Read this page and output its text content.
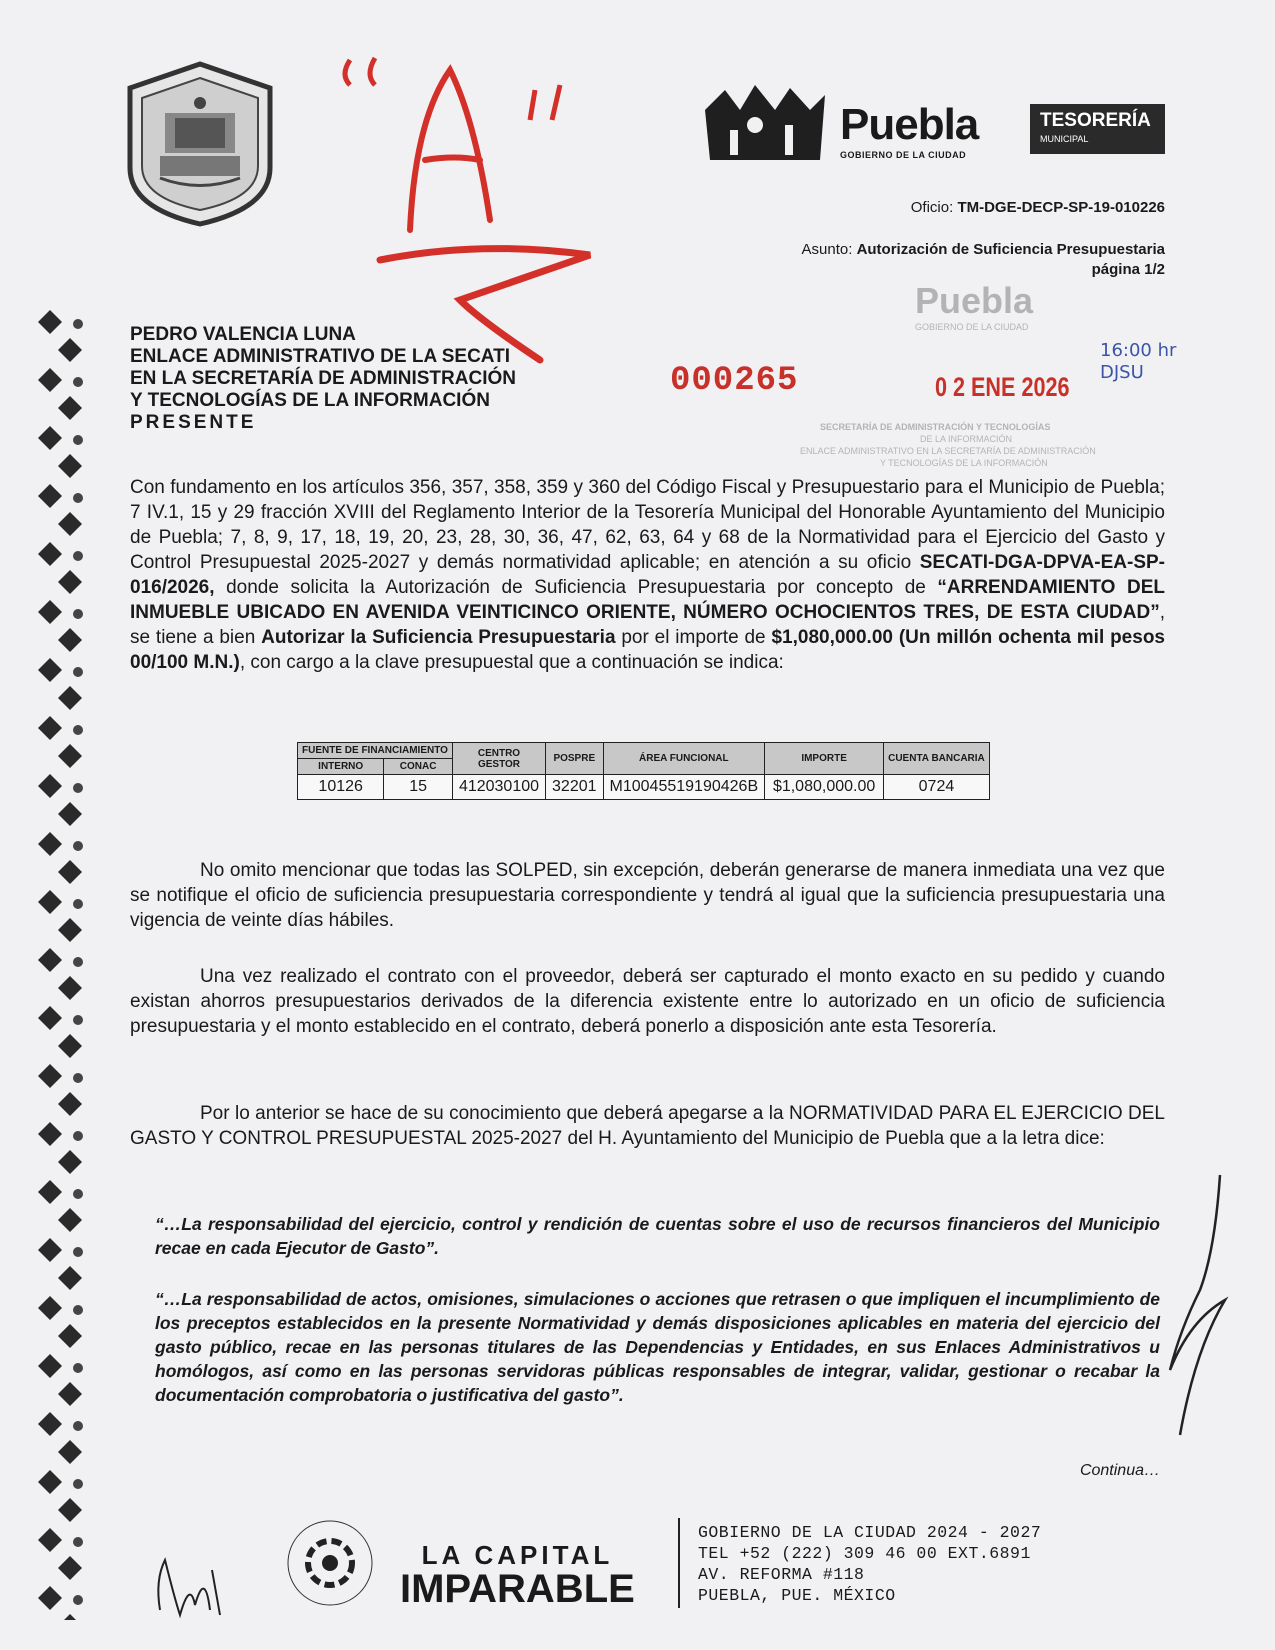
Puebla
GOBIERNO DE LA CIUDAD
TESORERÍA
MUNICIPAL
Oficio: TM-DGE-DECP-SP-19-010226
Asunto: Autorización de Suficiencia Presupuestaria
página 1/2
Puebla
GOBIERNO DE LA CIUDAD
SECRETARÍA DE ADMINISTRACIÓN Y TECNOLOGÍAS
DE LA INFORMACIÓN
ENLACE ADMINISTRATIVO EN LA SECRETARÍA DE ADMINISTRACIÓN
Y TECNOLOGÍAS DE LA INFORMACIÓN
000265	0 2 ENE 2026
16:00 hr
DJSU
PEDRO VALENCIA LUNA
ENLACE ADMINISTRATIVO DE LA SECATI
EN LA SECRETARÍA DE ADMINISTRACIÓN
Y TECNOLOGÍAS DE LA INFORMACIÓN
PRESENTE
Con fundamento en los artículos 356, 357, 358, 359 y 360 del Código Fiscal y Presupuestario para el Municipio de Puebla; 7 IV.1, 15 y 29 fracción XVIII del Reglamento Interior de la Tesorería Municipal del Honorable Ayuntamiento del Municipio de Puebla; 7, 8, 9, 17, 18, 19, 20, 23, 28, 30, 36, 47, 62, 63, 64 y 68 de la Normatividad para el Ejercicio del Gasto y Control Presupuestal 2025-2027 y demás normatividad aplicable; en atención a su oficio SECATI-DGA-DPVA-EA-SP-016/2026, donde solicita la Autorización de Suficiencia Presupuestaria por concepto de “ARRENDAMIENTO DEL INMUEBLE UBICADO EN AVENIDA VEINTICINCO ORIENTE, NÚMERO OCHOCIENTOS TRES, DE ESTA CIUDAD”, se tiene a bien Autorizar la Suficiencia Presupuestaria por el importe de $1,080,000.00 (Un millón ochenta mil pesos 00/100 M.N.), con cargo a la clave presupuestal que a continuación se indica:
FUENTE DE FINANCIAMIENTO		CENTRO GESTOR	POSPRE	ÁREA FUNCIONAL	IMPORTE	CUENTA BANCARIA
INTERNO	CONAC					
10126	15	412030100	32201	M10045519190426B	$1,080,000.00	0724
No omito mencionar que todas las SOLPED, sin excepción, deberán generarse de manera inmediata una vez que se notifique el oficio de suficiencia presupuestaria correspondiente y tendrá al igual que la suficiencia presupuestaria una vigencia de veinte días hábiles.
Una vez realizado el contrato con el proveedor, deberá ser capturado el monto exacto en su pedido y cuando existan ahorros presupuestarios derivados de la diferencia existente entre lo autorizado en un oficio de suficiencia presupuestaria y el monto establecido en el contrato, deberá ponerlo a disposición ante esta Tesorería.
Por lo anterior se hace de su conocimiento que deberá apegarse a la NORMATIVIDAD PARA EL EJERCICIO DEL GASTO Y CONTROL PRESUPUESTAL 2025-2027 del H. Ayuntamiento del Municipio de Puebla que a la letra dice:
“…La responsabilidad del ejercicio, control y rendición de cuentas sobre el uso de recursos financieros del Municipio recae en cada Ejecutor de Gasto”.
“…La responsabilidad de actos, omisiones, simulaciones o acciones que retrasen o que impliquen el incumplimiento de los preceptos establecidos en la presente Normatividad y demás disposiciones aplicables en materia del ejercicio del gasto público, recae en las personas titulares de las Dependencias y Entidades, en sus Enlaces Administrativos u homólogos, así como en las personas servidoras públicas responsables de integrar, validar, gestionar o recabar la documentación comprobatoria o justificativa del gasto”.
Continua…
LA CAPITAL
IMPARABLE
GOBIERNO DE LA CIUDAD 2024 - 2027
TEL +52 (222) 309 46 00 EXT.6891
AV. REFORMA #118
PUEBLA, PUE. MÉXICO
